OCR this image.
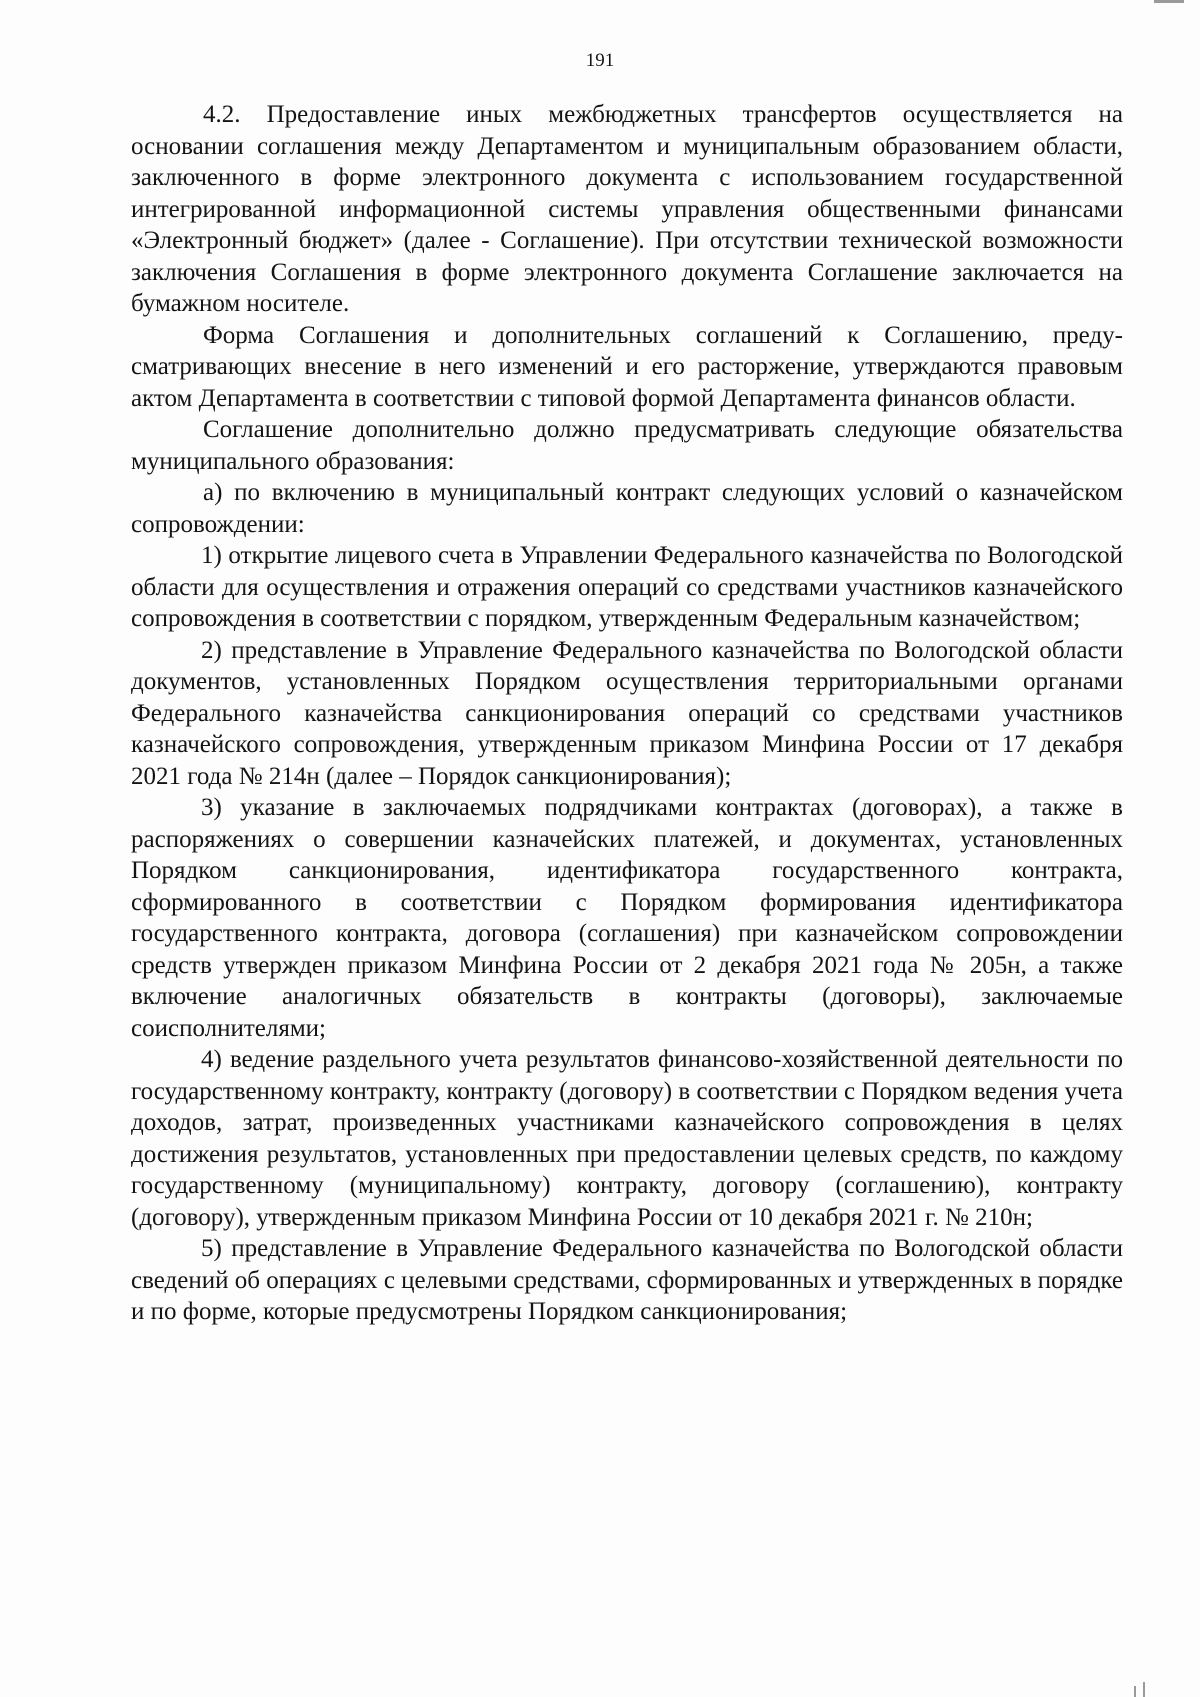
191

4.2. Предоставление иных межбюджетных трансфертов осуществляется на основании соглашения между Департаментом и муниципальным образованием области, заключенного в форме электронного документа с использованием государственной интегрированной информационной системы управления общественными финансами «Электронный бюджет» (далее - Соглашение). При отсутствии технической возможности заключения Соглашения в форме электронного документа Соглашение заключается на бумажном носителе.

Форма Соглашения и дополнительных соглашений к Соглашению, предусматривающих внесение в него изменений и его расторжение, утверждаются правовым актом Департамента в соответствии с типовой формой Департамента финансов области.

Соглашение дополнительно должно предусматривать следующие обязательства муниципального образования:

а) по включению в муниципальный контракт следующих условий о казначейском сопровождении:

1) открытие лицевого счета в Управлении Федерального казначейства по Вологодской области для осуществления и отражения операций со средствами участников казначейского сопровождения в соответствии с порядком, утвержденным Федеральным казначейством;

2) представление в Управление Федерального казначейства по Вологодской области документов, установленных Порядком осуществления территориальными органами Федерального казначейства санкционирования операций со средствами участников казначейского сопровождения, утвержденным приказом Минфина России от 17 декабря 2021 года № 214н (далее – Порядок санкционирования);

3) указание в заключаемых подрядчиками контрактах (договорах), а также в распоряжениях о совершении казначейских платежей, и документах, установленных Порядком санкционирования, идентификатора государственного контракта, сформированного в соответствии с Порядком формирования идентификатора государственного контракта, договора (соглашения) при казначейском сопровождении средств утвержден приказом Минфина России от 2 декабря 2021 года № 205н, а также включение аналогичных обязательств в контракты (договоры), заключаемые соисполнителями;

4) ведение раздельного учета результатов финансово-хозяйственной деятельности по государственному контракту, контракту (договору) в соответствии с Порядком ведения учета доходов, затрат, произведенных участниками казначейского сопровождения в целях достижения результатов, установленных при предоставлении целевых средств, по каждому государственному (муниципальному) контракту, договору (соглашению), контракту (договору), утвержденным приказом Минфина России от 10 декабря 2021 г. № 210н;

5) представление в Управление Федерального казначейства по Вологодской области сведений об операциях с целевыми средствами, сформированных и утвержденных в порядке и по форме, которые предусмотрены Порядком санкционирования;
